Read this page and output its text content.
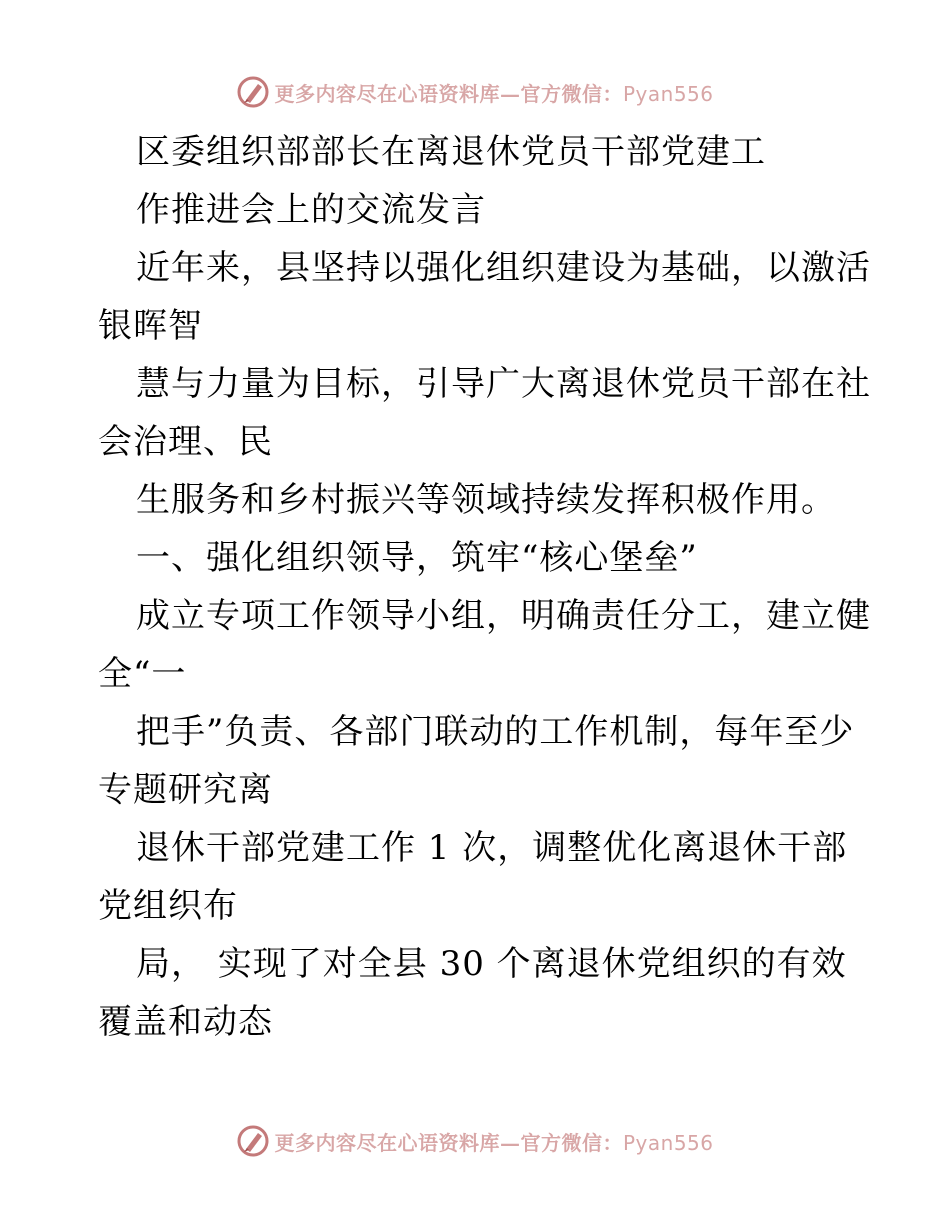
更多内容尽在心语资料库—官方微信：Pyan556
区委组织部部长在离退休党员干部党建工
作推进会上的交流发言
近年来，县坚持以强化组织建设为基础，以激活
银晖智
慧与力量为目标，引导广大离退休党员干部在社
会治理、民
生服务和乡村振兴等领域持续发挥积极作用。
一、强化组织领导，筑牢“核心堡垒”
成立专项工作领导小组，明确责任分工，建立健
全“一
把手”负责、各部门联动的工作机制，每年至少
专题研究离
退休干部党建工作 1 次，调整优化离退休干部
党组织布
局， 实现了对全县 30 个离退休党组织的有效
覆盖和动态
更多内容尽在心语资料库—官方微信：Pyan556
